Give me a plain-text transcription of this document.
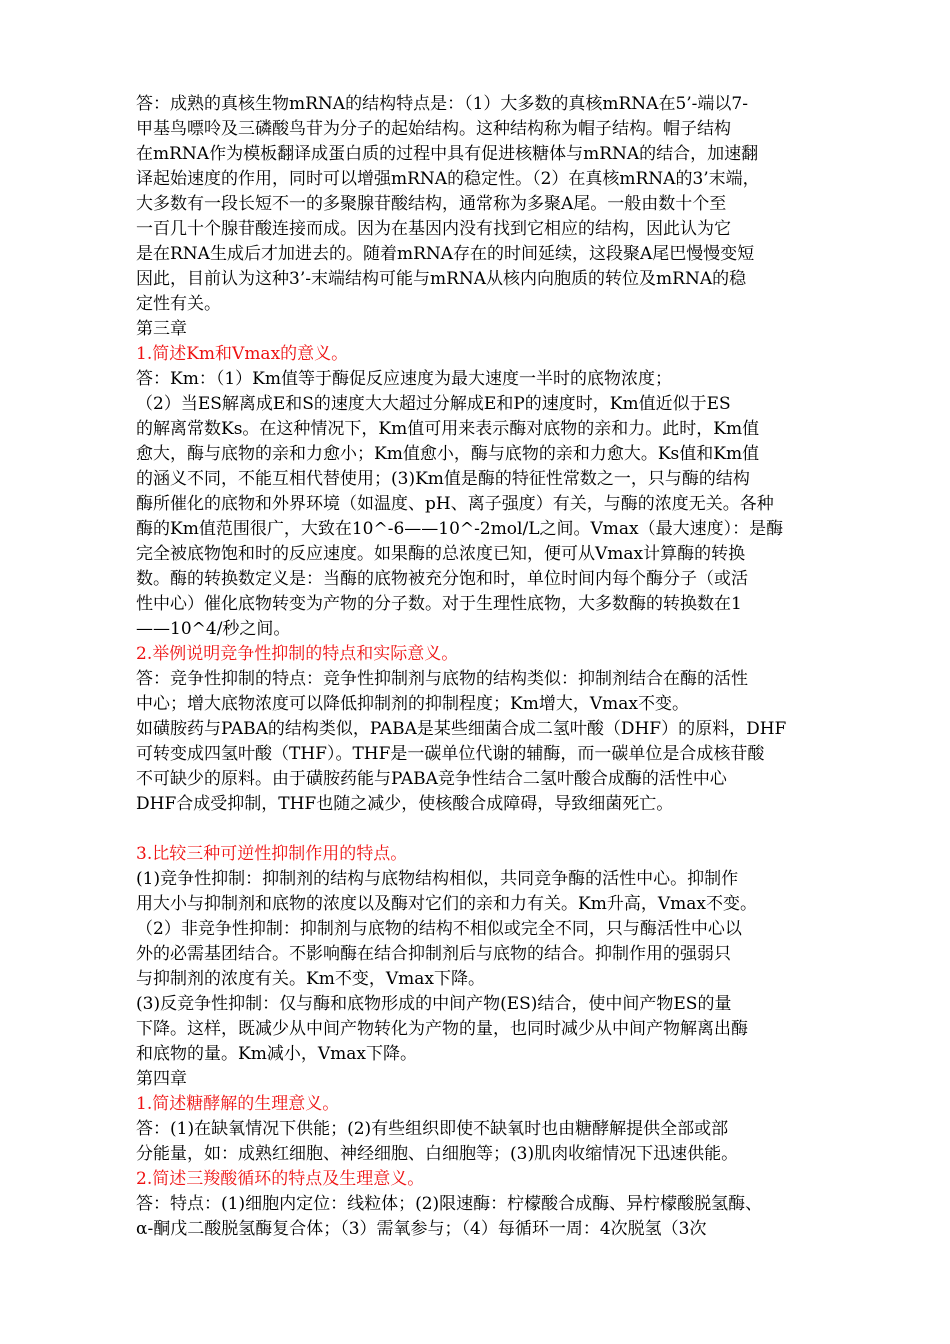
答：成熟的真核生物mRNA的结构特点是：（1）大多数的真核mRNA在5’-端以7-
甲基鸟嘌呤及三磷酸鸟苷为分子的起始结构。这种结构称为帽子结构。帽子结构
在mRNA作为模板翻译成蛋白质的过程中具有促进核糖体与mRNA的结合，加速翻
译起始速度的作用，同时可以增强mRNA的稳定性。（2）在真核mRNA的3’末端，
大多数有一段长短不一的多聚腺苷酸结构，通常称为多聚A尾。一般由数十个至
一百几十个腺苷酸连接而成。因为在基因内没有找到它相应的结构，因此认为它
是在RNA生成后才加进去的。随着mRNA存在的时间延续，这段聚A尾巴慢慢变短
因此，目前认为这种3’-末端结构可能与mRNA从核内向胞质的转位及mRNA的稳
定性有关。
第三章
1.简述Km和Vmax的意义。
答：Km：（1）Km值等于酶促反应速度为最大速度一半时的底物浓度；
（2）当ES解离成E和S的速度大大超过分解成E和P的速度时，Km值近似于ES
的解离常数Ks。在这种情况下，Km值可用来表示酶对底物的亲和力。此时，Km值
愈大，酶与底物的亲和力愈小；Km值愈小，酶与底物的亲和力愈大。Ks值和Km值
的涵义不同，不能互相代替使用；(3)Km值是酶的特征性常数之一，只与酶的结构
酶所催化的底物和外界环境（如温度、pH、离子强度）有关，与酶的浓度无关。各种
酶的Km值范围很广，大致在10^-6——10^-2mol/L之间。Vmax（最大速度）：是酶
完全被底物饱和时的反应速度。如果酶的总浓度已知，便可从Vmax计算酶的转换
数。酶的转换数定义是：当酶的底物被充分饱和时，单位时间内每个酶分子（或活
性中心）催化底物转变为产物的分子数。对于生理性底物，大多数酶的转换数在1
——10^4/秒之间。
2.举例说明竞争性抑制的特点和实际意义。
答：竞争性抑制的特点：竞争性抑制剂与底物的结构类似：抑制剂结合在酶的活性
中心；增大底物浓度可以降低抑制剂的抑制程度；Km增大，Vmax不变。
如磺胺药与PABA的结构类似，PABA是某些细菌合成二氢叶酸（DHF）的原料，DHF
可转变成四氢叶酸（THF）。THF是一碳单位代谢的辅酶，而一碳单位是合成核苷酸
不可缺少的原料。由于磺胺药能与PABA竞争性结合二氢叶酸合成酶的活性中心
DHF合成受抑制，THF也随之减少，使核酸合成障碍，导致细菌死亡。
3.比较三种可逆性抑制作用的特点。
(1)竞争性抑制：抑制剂的结构与底物结构相似，共同竞争酶的活性中心。抑制作
用大小与抑制剂和底物的浓度以及酶对它们的亲和力有关。Km升高，Vmax不变。
（2）非竞争性抑制：抑制剂与底物的结构不相似或完全不同，只与酶活性中心以
外的必需基团结合。不影响酶在结合抑制剂后与底物的结合。抑制作用的强弱只
与抑制剂的浓度有关。Km不变，Vmax下降。
(3)反竞争性抑制：仅与酶和底物形成的中间产物(ES)结合，使中间产物ES的量
下降。这样，既减少从中间产物转化为产物的量，也同时减少从中间产物解离出酶
和底物的量。Km减小，Vmax下降。
第四章
1.简述糖酵解的生理意义。
答：(1)在缺氧情况下供能；(2)有些组织即使不缺氧时也由糖酵解提供全部或部
分能量，如：成熟红细胞、神经细胞、白细胞等；(3)肌肉收缩情况下迅速供能。
2.简述三羧酸循环的特点及生理意义。
答：特点：(1)细胞内定位：线粒体；(2)限速酶：柠檬酸合成酶、异柠檬酸脱氢酶、
α-酮戊二酸脱氢酶复合体；（3）需氧参与；（4）每循环一周：4次脱氢（3次
